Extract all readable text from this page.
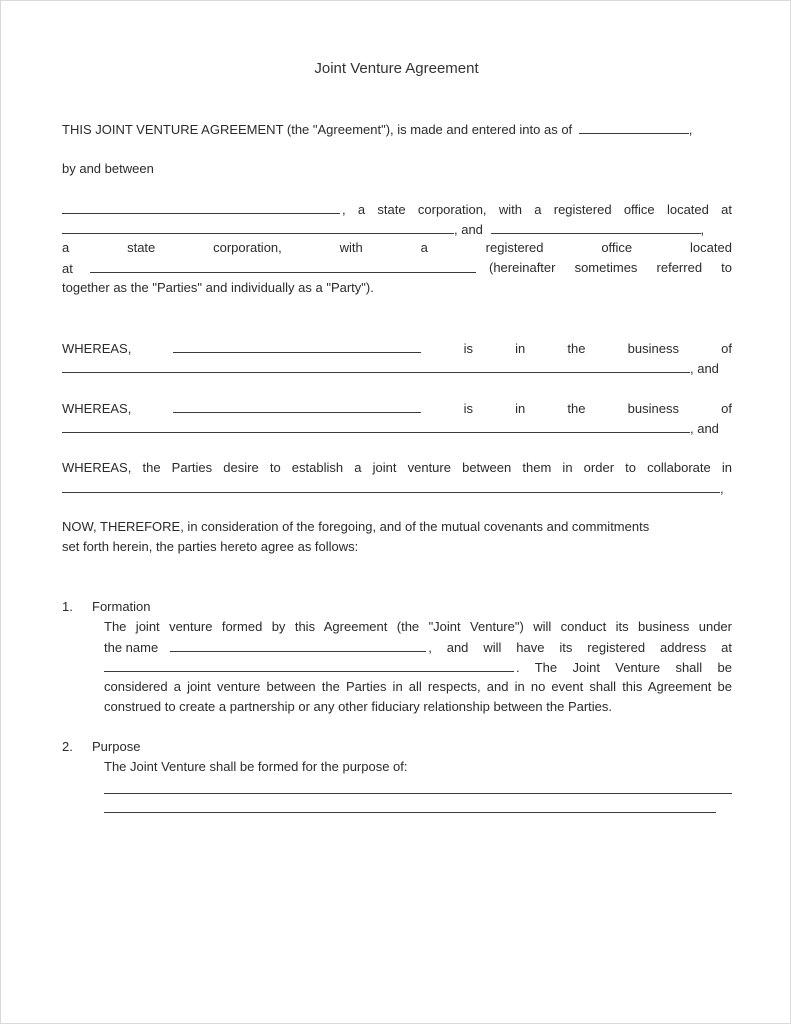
Joint Venture Agreement
THIS JOINT VENTURE AGREEMENT (the "Agreement"), is made and entered into as of	,
by and between
, a state corporation, with a registered office located at
, and	,
a	state	corporation,	with	a	registered	office	located
at	(hereinafter sometimes referred to
together as the "Parties" and individually as a "Party").
WHEREAS,	is	in	the	business	of
, and
WHEREAS,	is	in	the	business	of
, and
WHEREAS, the Parties desire to establish a joint venture between them in order to collaborate in
,
NOW, THEREFORE, in consideration of the foregoing, and of the mutual covenants and commitments
set forth herein, the parties hereto agree as follows:
1. Formation
The joint venture formed by this Agreement (the "Joint Venture") will conduct its business under
the name	, and will have its registered address at
. The Joint Venture shall be
considered a joint venture between the Parties in all respects, and in no event shall this Agreement be
construed to create a partnership or any other fiduciary relationship between the Parties.
2. Purpose
The Joint Venture shall be formed for the purpose of:
